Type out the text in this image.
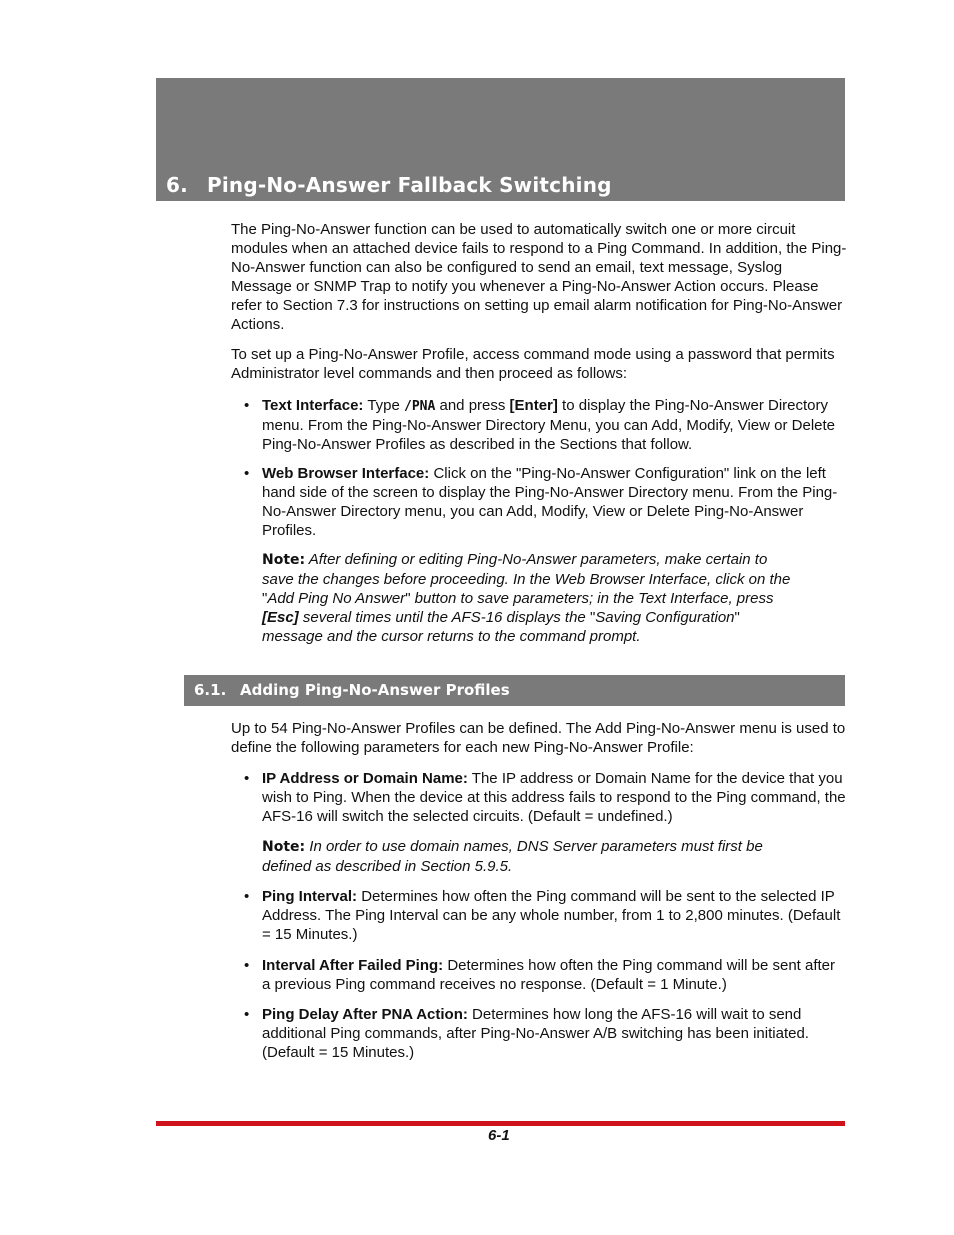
6. Ping-No-Answer Fallback Switching

The Ping-No-Answer function can be used to automatically switch one or more circuit modules when an attached device fails to respond to a Ping Command. In addition, the Ping-No-Answer function can also be configured to send an email, text message, Syslog Message or SNMP Trap to notify you whenever a Ping-No-Answer Action occurs. Please refer to Section 7.3 for instructions on setting up email alarm notification for Ping-No-Answer Actions.

To set up a Ping-No-Answer Profile, access command mode using a password that permits Administrator level commands and then proceed as follows:

• Text Interface: Type /PNA and press [Enter] to display the Ping-No-Answer Directory menu. From the Ping-No-Answer Directory Menu, you can Add, Modify, View or Delete Ping-No-Answer Profiles as described in the Sections that follow.

• Web Browser Interface: Click on the "Ping-No-Answer Configuration" link on the left hand side of the screen to display the Ping-No-Answer Directory menu. From the Ping-No-Answer Directory menu, you can Add, Modify, View or Delete Ping-No-Answer Profiles.

Note: After defining or editing Ping-No-Answer parameters, make certain to save the changes before proceeding. In the Web Browser Interface, click on the "Add Ping No Answer" button to save parameters; in the Text Interface, press [Esc] several times until the AFS-16 displays the "Saving Configuration" message and the cursor returns to the command prompt.

6.1. Adding Ping-No-Answer Profiles

Up to 54 Ping-No-Answer Profiles can be defined. The Add Ping-No-Answer menu is used to define the following parameters for each new Ping-No-Answer Profile:

• IP Address or Domain Name: The IP address or Domain Name for the device that you wish to Ping. When the device at this address fails to respond to the Ping command, the AFS-16 will switch the selected circuits. (Default = undefined.)

Note: In order to use domain names, DNS Server parameters must first be defined as described in Section 5.9.5.

• Ping Interval: Determines how often the Ping command will be sent to the selected IP Address. The Ping Interval can be any whole number, from 1 to 2,800 minutes. (Default = 15 Minutes.)

• Interval After Failed Ping: Determines how often the Ping command will be sent after a previous Ping command receives no response. (Default = 1 Minute.)

• Ping Delay After PNA Action: Determines how long the AFS-16 will wait to send additional Ping commands, after Ping-No-Answer A/B switching has been initiated. (Default = 15 Minutes.)

6-1
